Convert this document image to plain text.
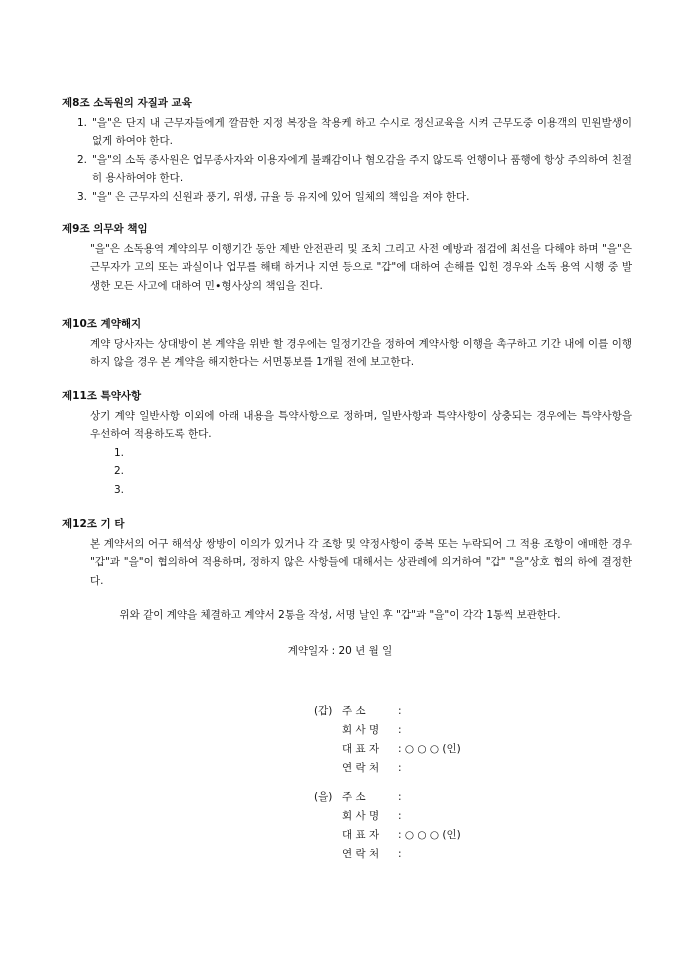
제8조 소독원의 자질과 교육
1. "을"은 단지 내 근무자들에게 깔끔한 지정 복장을 착용케 하고 수시로 정신교육을 시켜 근무도중 이용객의 민원발생이 없게 하여야 한다.
2. "을"의 소독 종사원은 업무종사자와 이용자에게 불쾌감이나 혐오감을 주지 않도록 언행이나 품행에 항상 주의하여 친절히 용사하여야 한다.
3. "을" 은 근무자의 신원과 풍기, 위생, 규율 등 유지에 있어 일체의 책임을 져야 한다.
제9조 의무와 책임
"을"은 소독용역 계약의무 이행기간 동안 제반 안전관리 및 조치 그리고 사전 예방과 점검에 최선을 다해야 하며 "을"은 근무자가 고의 또는 과실이나 업무를 해태 하거나 지연 등으로 "갑"에 대하여 손해를 입힌 경우와 소독 용역 시행 중 발생한 모든 사고에 대하여 민∙형사상의 책임을 진다.
제10조 계약해지
계약 당사자는 상대방이 본 계약을 위반 할 경우에는 일정기간을 정하여 계약사항 이행을 촉구하고 기간 내에 이를 이행하지 않을 경우 본 계약을 해지한다는 서면통보를 1개월 전에 보고한다.
제11조 특약사항
상기 계약 일반사항 이외에 아래 내용을 특약사항으로 정하며, 일반사항과 특약사항이 상충되는 경우에는 특약사항을 우선하여 적용하도록 한다.
1.
2.
3.
제12조 기 타
본 계약서의 어구 해석상 쌍방이 이의가 있거나 각 조항 및 약정사항이 중복 또는 누락되어 그 적용 조항이 애매한 경우 "갑"과 "을"이 협의하여 적용하며, 정하지 않은 사항들에 대해서는 상관례에 의거하여 "갑" "을"상호 협의 하에 결정한다.
위와 같이 계약을 체결하고 계약서 2통을 작성, 서명 날인 후 "갑"과 "을"이 각각 1통씩 보관한다.
계약일자 : 20 년 월 일
(갑) 주 소	:
회 사 명	:
대 표 자	: ○ ○ ○ (인)
연 락 처	:
(을) 주 소	:
회 사 명	:
대 표 자	: ○ ○ ○ (인)
연 락 처	:
